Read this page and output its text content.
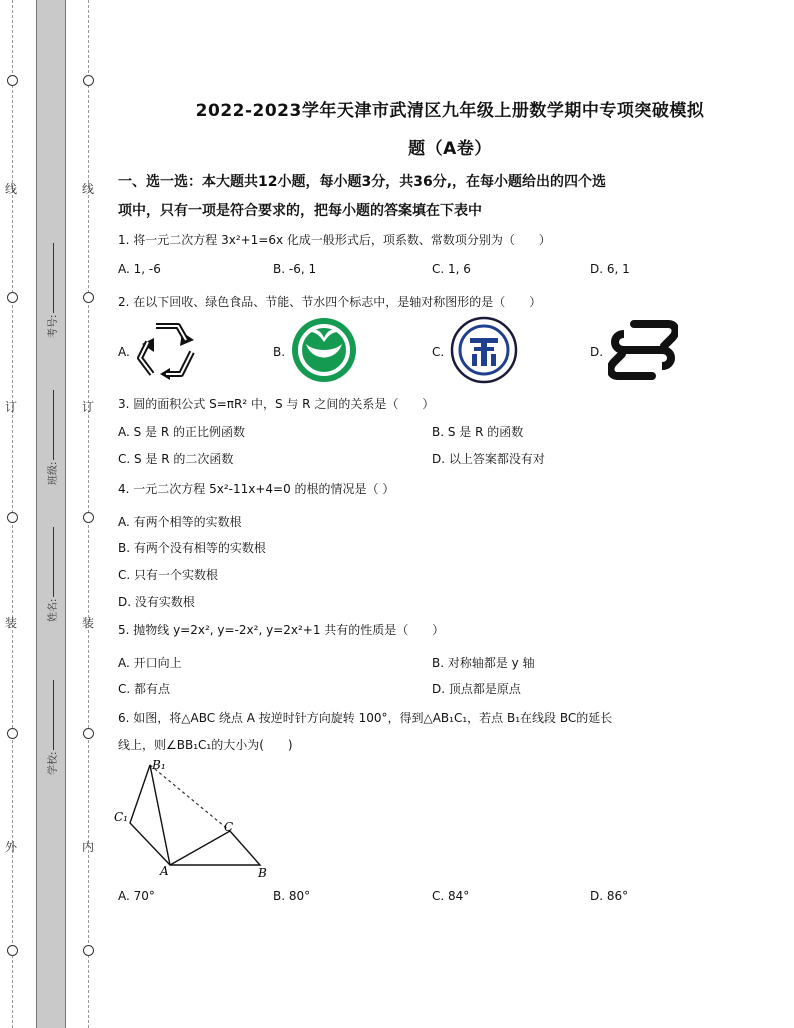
线
订
装
外
线
订
装
内
考号:
班级:
姓名:
学校:
2022-2023学年天津市武清区九年级上册数学期中专项突破模拟
题（A卷）
一、选一选：本大题共12小题，每小题3分，共36分,，在每小题给出的四个选
项中，只有一项是符合要求的，把每小题的答案填在下表中
1. 将一元二次方程 3x²+1=6x 化成一般形式后，项系数、常数项分别为（　　）
A. 1, -6	B. -6, 1	C. 1, 6	D. 6, 1
2. 在以下回收、绿色食品、节能、节水四个标志中，是轴对称图形的是（　　）
A.	B.	C.	D.
3. 圆的面积公式 S=πR² 中，S 与 R 之间的关系是（　　）
A. S 是 R 的正比例函数	B. S 是 R 的函数
C. S 是 R 的二次函数	D. 以上答案都没有对
4. 一元二次方程 5x²-11x+4=0 的根的情况是（ ）
A. 有两个相等的实数根
B. 有两个没有相等的实数根
C. 只有一个实数根
D. 没有实数根
5. 抛物线 y=2x², y=-2x², y=2x²+1 共有的性质是（　　）
A. 开口向上	B. 对称轴都是 y 轴
C. 都有点	D. 顶点都是原点
6. 如图，将△ABC 绕点 A 按逆时针方向旋转 100°，得到△AB₁C₁，若点 B₁在线段 BC的延长
线上，则∠BB₁C₁的大小为(　　)
B₁
C₁
C
A	B
A. 70°	B. 80°	C. 84°	D. 86°
